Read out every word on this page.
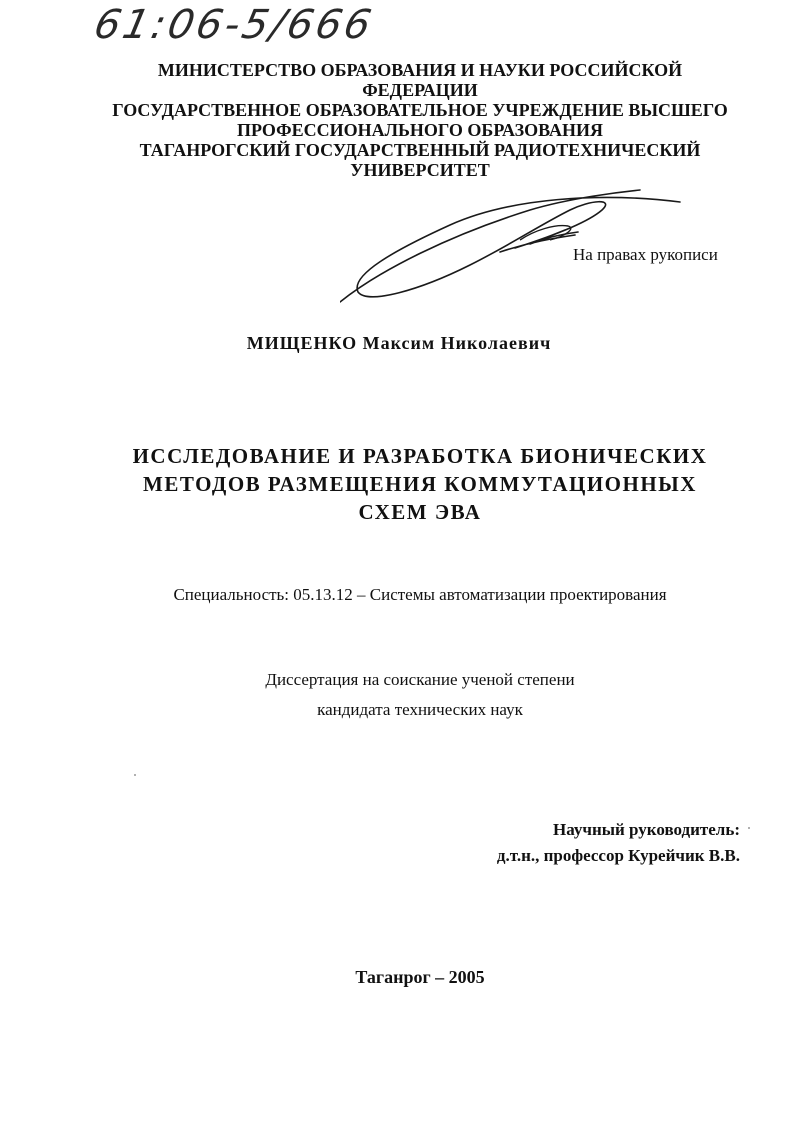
61:06-5/666
МИНИСТЕРСТВО ОБРАЗОВАНИЯ И НАУКИ РОССИЙСКОЙ
ФЕДЕРАЦИИ
ГОСУДАРСТВЕННОЕ ОБРАЗОВАТЕЛЬНОЕ УЧРЕЖДЕНИЕ ВЫСШЕГО
ПРОФЕССИОНАЛЬНОГО ОБРАЗОВАНИЯ
ТАГАНРОГСКИЙ ГОСУДАРСТВЕННЫЙ РАДИОТЕХНИЧЕСКИЙ
УНИВЕРСИТЕТ
На правах рукописи
МИЩЕНКО Максим Николаевич
ИССЛЕДОВАНИЕ И РАЗРАБОТКА БИОНИЧЕСКИХ
МЕТОДОВ РАЗМЕЩЕНИЯ КОММУТАЦИОННЫХ
СХЕМ ЭВА
Специальность: 05.13.12 – Системы автоматизации проектирования
Диссертация на соискание ученой степени
кандидата технических наук
Научный руководитель:
д.т.н., профессор Курейчик В.В.
Таганрог – 2005
